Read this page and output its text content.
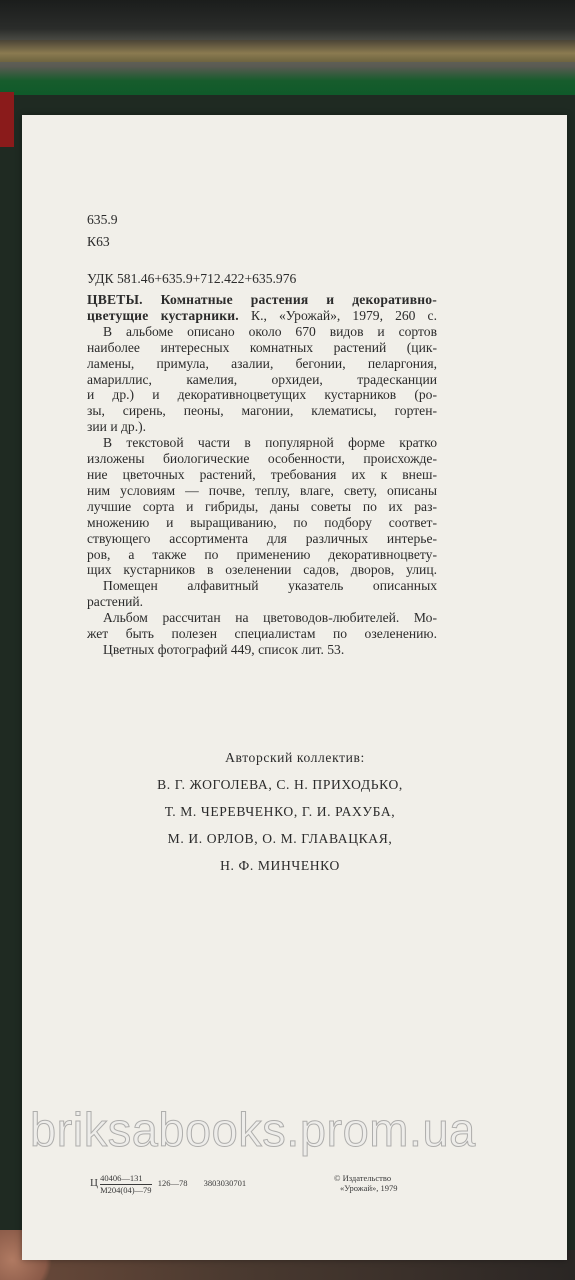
635.9
К63
УДК 581.46+635.9+712.422+635.976
ЦВЕТЫ. Комнатные растения и декоративно-
цветущие кустарники. К., «Урожай», 1979, 260 с.
В альбоме описано около 670 видов и сортов
наиболее интересных комнатных растений (цик-
ламены, примула, азалии, бегонии, пеларгония,
амариллис, камелия, орхидеи, традесканции
и др.) и декоративноцветущих кустарников (ро-
зы, сирень, пеоны, магонии, клематисы, гортен-
зии и др.).
В текстовой части в популярной форме кратко
изложены биологические особенности, происхожде-
ние цветочных растений, требования их к внеш-
ним условиям — почве, теплу, влаге, свету, описаны
лучшие сорта и гибриды, даны советы по их раз-
множению и выращиванию, по подбору соответ-
ствующего ассортимента для различных интерье-
ров, а также по применению декоративноцвету-
щих кустарников в озеленении садов, дворов, улиц.
Помещен алфавитный указатель описанных
растений.
Альбом рассчитан на цветоводов-любителей. Мо-
жет быть полезен специалистам по озеленению.
Цветных фотографий 449, список лит. 53.
Авторский коллектив:
В. Г. ЖОГОЛЕВА, С. Н. ПРИХОДЬКО,
Т. М. ЧЕРЕВЧЕНКО, Г. И. РАХУБА,
М. И. ОРЛОВ, О. М. ГЛАВАЦКАЯ,
Н. Ф. МИНЧЕНКО
Ц $\frac{40406—131}{М204(04)—79}$ 126—78 3803030701	© Издательство
«Урожай», 1979
briksabooks.prom.ua
